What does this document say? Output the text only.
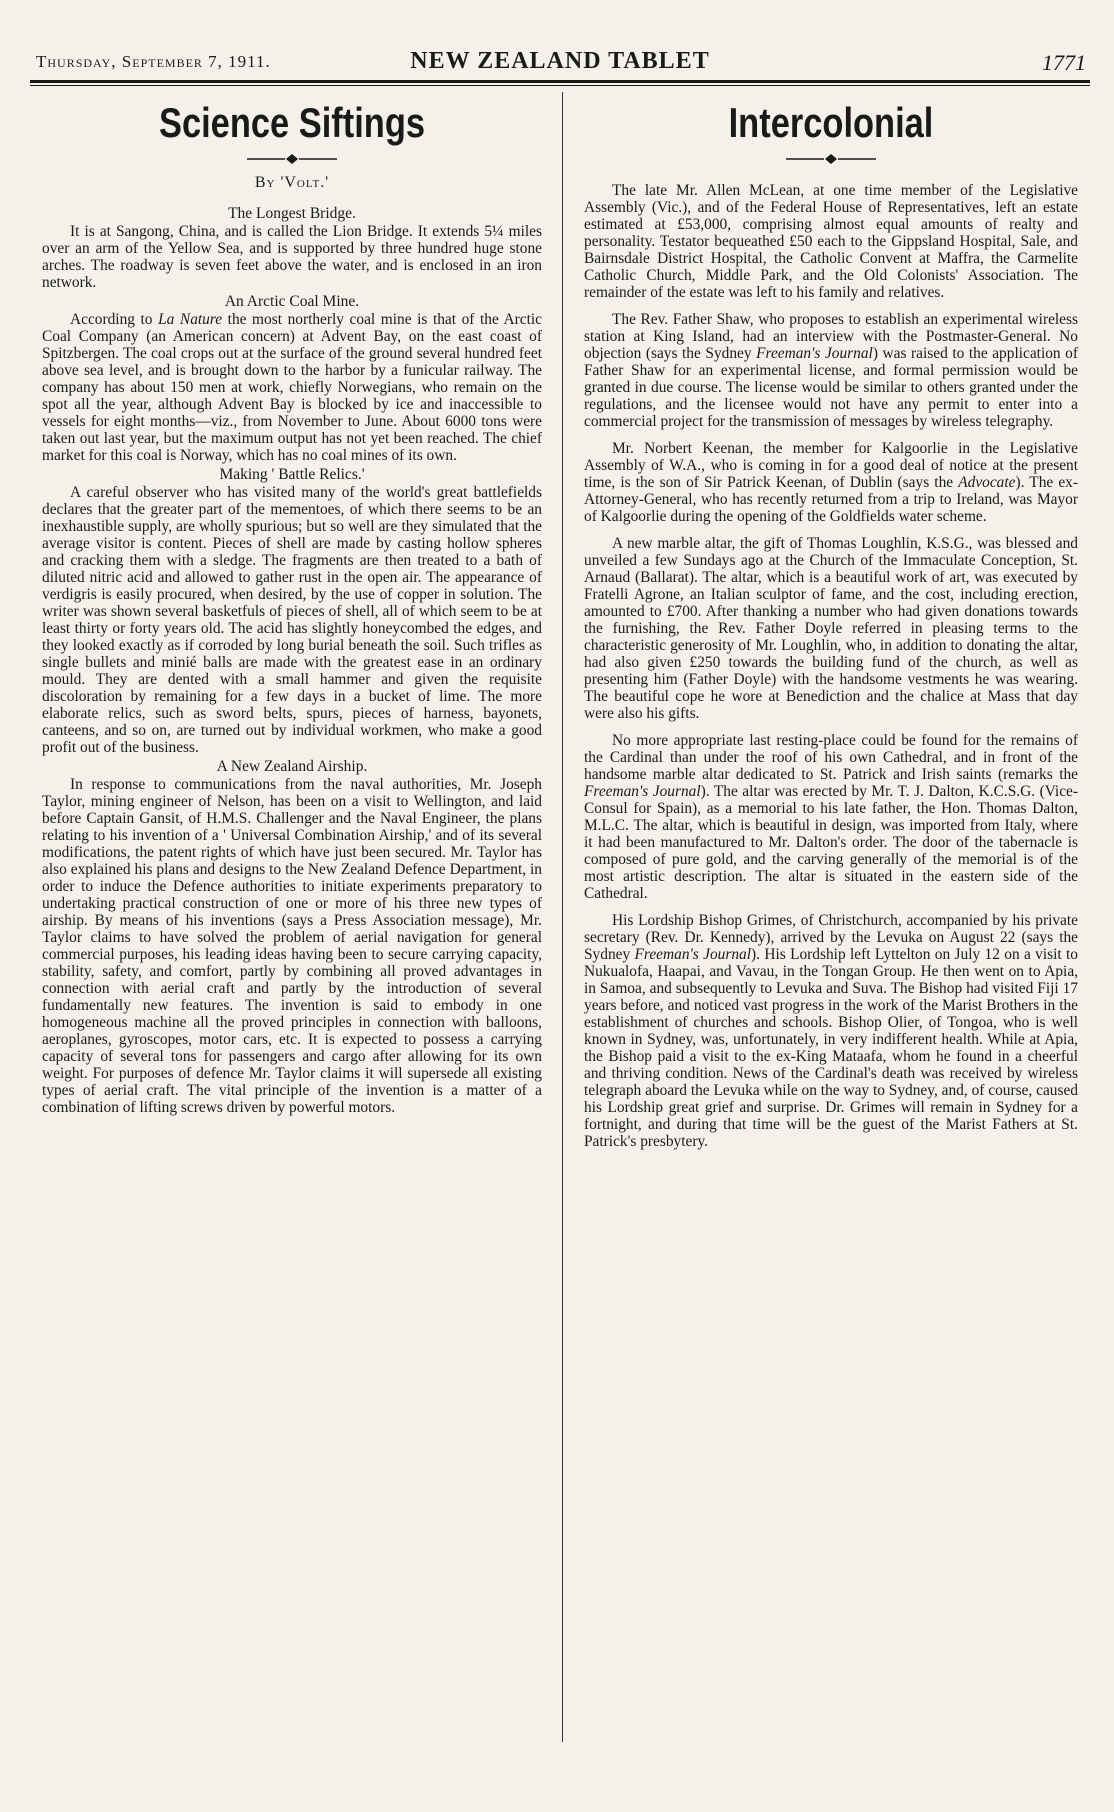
Thursday, September 7, 1911.	NEW ZEALAND TABLET	1771
Science Siftings
By 'Volt.'
The Longest Bridge.

It is at Sangong, China, and is called the Lion Bridge. It extends 5¼ miles over an arm of the Yellow Sea, and is supported by three hundred huge stone arches. The roadway is seven feet above the water, and is enclosed in an iron network.

An Arctic Coal Mine.

According to La Nature the most northerly coal mine is that of the Arctic Coal Company (an American concern) at Advent Bay, on the east coast of Spitzbergen. The coal crops out at the surface of the ground several hundred feet above sea level, and is brought down to the harbor by a funicular railway. The company has about 150 men at work, chiefly Norwegians, who remain on the spot all the year, although Advent Bay is blocked by ice and inaccessible to vessels for eight months—viz., from November to June. About 6000 tons were taken out last year, but the maximum output has not yet been reached. The chief market for this coal is Norway, which has no coal mines of its own.

Making ' Battle Relics.'

A careful observer who has visited many of the world's great battlefields declares that the greater part of the mementoes, of which there seems to be an inexhaustible supply, are wholly spurious; but so well are they simulated that the average visitor is content. Pieces of shell are made by casting hollow spheres and cracking them with a sledge. The fragments are then treated to a bath of diluted nitric acid and allowed to gather rust in the open air. The appearance of verdigris is easily procured, when desired, by the use of copper in solution. The writer was shown several basketfuls of pieces of shell, all of which seem to be at least thirty or forty years old. The acid has slightly honeycombed the edges, and they looked exactly as if corroded by long burial beneath the soil. Such trifles as single bullets and minié balls are made with the greatest ease in an ordinary mould. They are dented with a small hammer and given the requisite discoloration by remaining for a few days in a bucket of lime. The more elaborate relics, such as sword belts, spurs, pieces of harness, bayonets, canteens, and so on, are turned out by individual workmen, who make a good profit out of the business.

A New Zealand Airship.

In response to communications from the naval authorities, Mr. Joseph Taylor, mining engineer of Nelson, has been on a visit to Wellington, and laid before Captain Gansit, of H.M.S. Challenger and the Naval Engineer, the plans relating to his invention of a ' Universal Combination Airship,' and of its several modifications, the patent rights of which have just been secured. Mr. Taylor has also explained his plans and designs to the New Zealand Defence Department, in order to induce the Defence authorities to initiate experiments preparatory to undertaking practical construction of one or more of his three new types of airship. By means of his inventions (says a Press Association message), Mr. Taylor claims to have solved the problem of aerial navigation for general commercial purposes, his leading ideas having been to secure carrying capacity, stability, safety, and comfort, partly by combining all proved advantages in connection with aerial craft and partly by the introduction of several fundamentally new features. The invention is said to embody in one homogeneous machine all the proved principles in connection with balloons, aeroplanes, gyroscopes, motor cars, etc. It is expected to possess a carrying capacity of several tons for passengers and cargo after allowing for its own weight. For purposes of defence Mr. Taylor claims it will supersede all existing types of aerial craft. The vital principle of the invention is a matter of a combination of lifting screws driven by powerful motors.

Intercolonial

The late Mr. Allen McLean, at one time member of the Legislative Assembly (Vic.), and of the Federal House of Representatives, left an estate estimated at £53,000, comprising almost equal amounts of realty and personality. Testator bequeathed £50 each to the Gippsland Hospital, Sale, and Bairnsdale District Hospital, the Catholic Convent at Maffra, the Carmelite Catholic Church, Middle Park, and the Old Colonists' Association. The remainder of the estate was left to his family and relatives.

The Rev. Father Shaw, who proposes to establish an experimental wireless station at King Island, had an interview with the Postmaster-General. No objection (says the Sydney Freeman's Journal) was raised to the application of Father Shaw for an experimental license, and formal permission would be granted in due course. The license would be similar to others granted under the regulations, and the licensee would not have any permit to enter into a commercial project for the transmission of messages by wireless telegraphy.

Mr. Norbert Keenan, the member for Kalgoorlie in the Legislative Assembly of W.A., who is coming in for a good deal of notice at the present time, is the son of Sir Patrick Keenan, of Dublin (says the Advocate). The ex-Attorney-General, who has recently returned from a trip to Ireland, was Mayor of Kalgoorlie during the opening of the Goldfields water scheme.

A new marble altar, the gift of Thomas Loughlin, K.S.G., was blessed and unveiled a few Sundays ago at the Church of the Immaculate Conception, St. Arnaud (Ballarat). The altar, which is a beautiful work of art, was executed by Fratelli Agrone, an Italian sculptor of fame, and the cost, including erection, amounted to £700. After thanking a number who had given donations towards the furnishing, the Rev. Father Doyle referred in pleasing terms to the characteristic generosity of Mr. Loughlin, who, in addition to donating the altar, had also given £250 towards the building fund of the church, as well as presenting him (Father Doyle) with the handsome vestments he was wearing. The beautiful cope he wore at Benediction and the chalice at Mass that day were also his gifts.

No more appropriate last resting-place could be found for the remains of the Cardinal than under the roof of his own Cathedral, and in front of the handsome marble altar dedicated to St. Patrick and Irish saints (remarks the Freeman's Journal). The altar was erected by Mr. T. J. Dalton, K.C.S.G. (Vice-Consul for Spain), as a memorial to his late father, the Hon. Thomas Dalton, M.L.C. The altar, which is beautiful in design, was imported from Italy, where it had been manufactured to Mr. Dalton's order. The door of the tabernacle is composed of pure gold, and the carving generally of the memorial is of the most artistic description. The altar is situated in the eastern side of the Cathedral.

His Lordship Bishop Grimes, of Christchurch, accompanied by his private secretary (Rev. Dr. Kennedy), arrived by the Levuka on August 22 (says the Sydney Freeman's Journal). His Lordship left Lyttelton on July 12 on a visit to Nukualofa, Haapai, and Vavau, in the Tongan Group. He then went on to Apia, in Samoa, and subsequently to Levuka and Suva. The Bishop had visited Fiji 17 years before, and noticed vast progress in the work of the Marist Brothers in the establishment of churches and schools. Bishop Olier, of Tongoa, who is well known in Sydney, was, unfortunately, in very indifferent health. While at Apia, the Bishop paid a visit to the ex-King Mataafa, whom he found in a cheerful and thriving condition. News of the Cardinal's death was received by wireless telegraph aboard the Levuka while on the way to Sydney, and, of course, caused his Lordship great grief and surprise. Dr. Grimes will remain in Sydney for a fortnight, and during that time will be the guest of the Marist Fathers at St. Patrick's presbytery.
